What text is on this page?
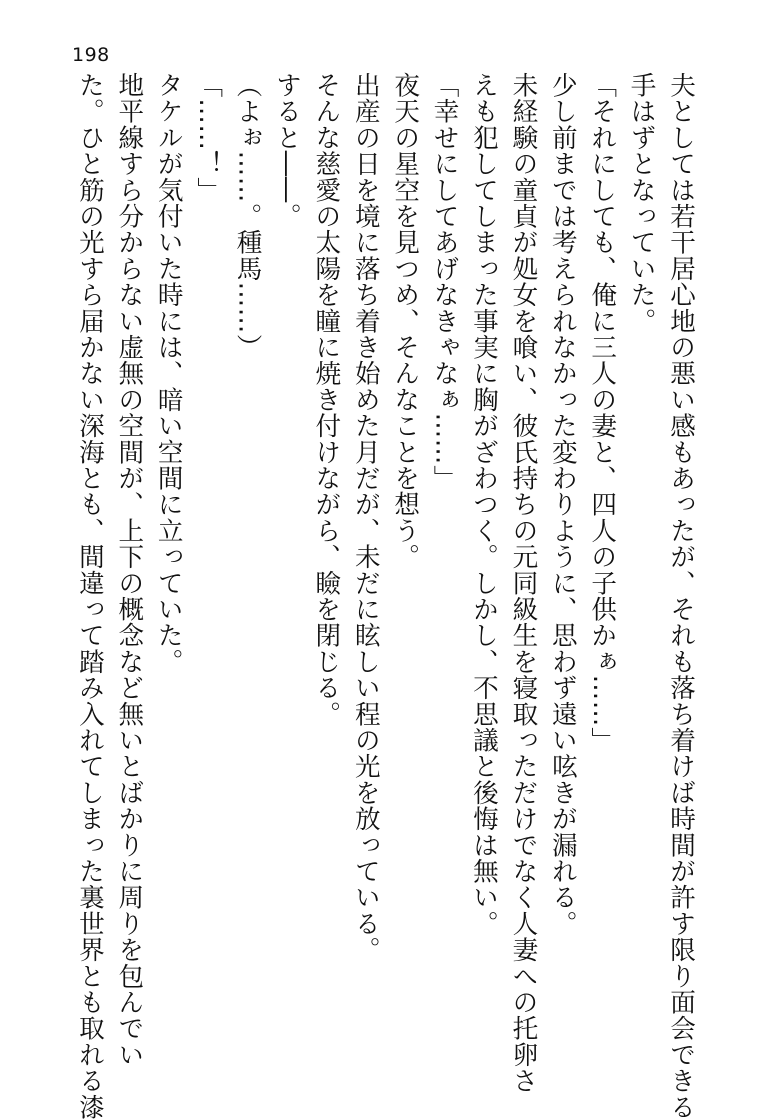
198
夫としては若干居心地の悪い感もあったが、それも落ち着けば時間が許す限り面会できる
手はずとなっていた。
「それにしても、俺に三人の妻と、四人の子供かぁ……」
少し前までは考えられなかった変わりように、思わず遠い呟きが漏れる。
未経験の童貞が処女を喰い、彼氏持ちの元同級生を寝取っただけでなく人妻への托卵さ
えも犯してしまった事実に胸がざわつく。しかし、不思議と後悔は無い。
「幸せにしてあげなきゃなぁ……」
夜天の星空を見つめ、そんなことを想う。
出産の日を境に落ち着き始めた月だが、未だに眩しい程の光を放っている。
そんな慈愛の太陽を瞳に焼き付けながら、瞼を閉じる。
すると――。
（よぉ……。種馬……）
「……！」
タケルが気付いた時には、暗い空間に立っていた。
地平線すら分からない虚無の空間が、上下の概念など無いとばかりに周りを包んでい
た。ひと筋の光すら届かない深海とも、間違って踏み入れてしまった裏世界とも取れる漆
